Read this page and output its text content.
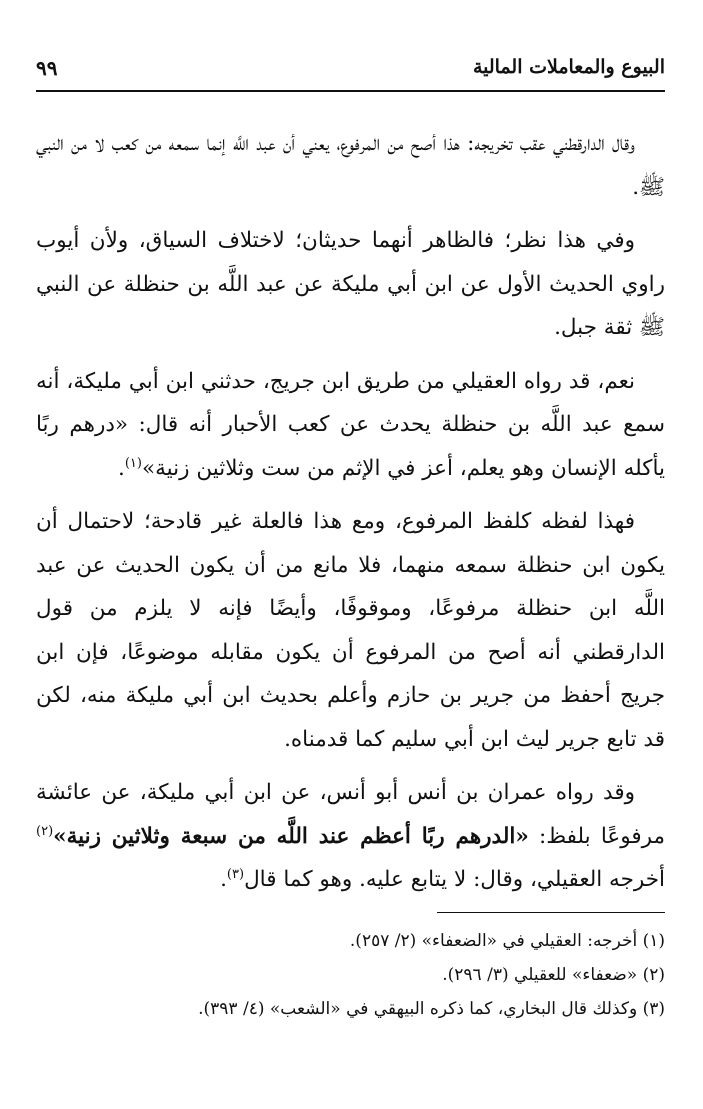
البيوع والمعاملات المالية
٩٩

وقال الدارقطني عقب تخريجه: هذا أصح من المرفوع، يعني أن عبد اللَّه إنما سمعه من كعب لا من النبي ﷺ.

وفي هذا نظر؛ فالظاهر أنهما حديثان؛ لاختلاف السياق، ولأن أيوب راوي الحديث الأول عن ابن أبي مليكة عن عبد اللَّه بن حنظلة عن النبي ﷺ ثقة جبل.

نعم، قد رواه العقيلي من طريق ابن جريج، حدثني ابن أبي مليكة، أنه سمع عبد اللَّه بن حنظلة يحدث عن كعب الأحبار أنه قال: «درهم ربًا يأكله الإنسان وهو يعلم، أعز في الإثم من ست وثلاثين زنية»$^{(١)}$.

فهذا لفظه كلفظ المرفوع، ومع هذا فالعلة غير قادحة؛ لاحتمال أن يكون ابن حنظلة سمعه منهما، فلا مانع من أن يكون الحديث عن عبد اللَّه ابن حنظلة مرفوعًا، وموقوفًا، وأيضًا فإنه لا يلزم من قول الدارقطني أنه أصح من المرفوع أن يكون مقابله موضوعًا، فإن ابن جريج أحفظ من جرير بن حازم وأعلم بحديث ابن أبي مليكة منه، لكن قد تابع جرير ليث ابن أبي سليم كما قدمناه.

وقد رواه عمران بن أنس أبو أنس، عن ابن أبي مليكة، عن عائشة مرفوعًا بلفظ: «الدرهم ربًا أعظم عند اللَّه من سبعة وثلاثين زنية»$^{(٢)}$ أخرجه العقيلي، وقال: لا يتابع عليه. وهو كما قال$^{(٣)}$.

(١) أخرجه: العقيلي في «الضعفاء» (٢/ ٢٥٧).

(٢) «ضعفاء» للعقيلي (٣/ ٢٩٦).

(٣) وكذلك قال البخاري، كما ذكره البيهقي في «الشعب» (٤/ ٣٩٣).
